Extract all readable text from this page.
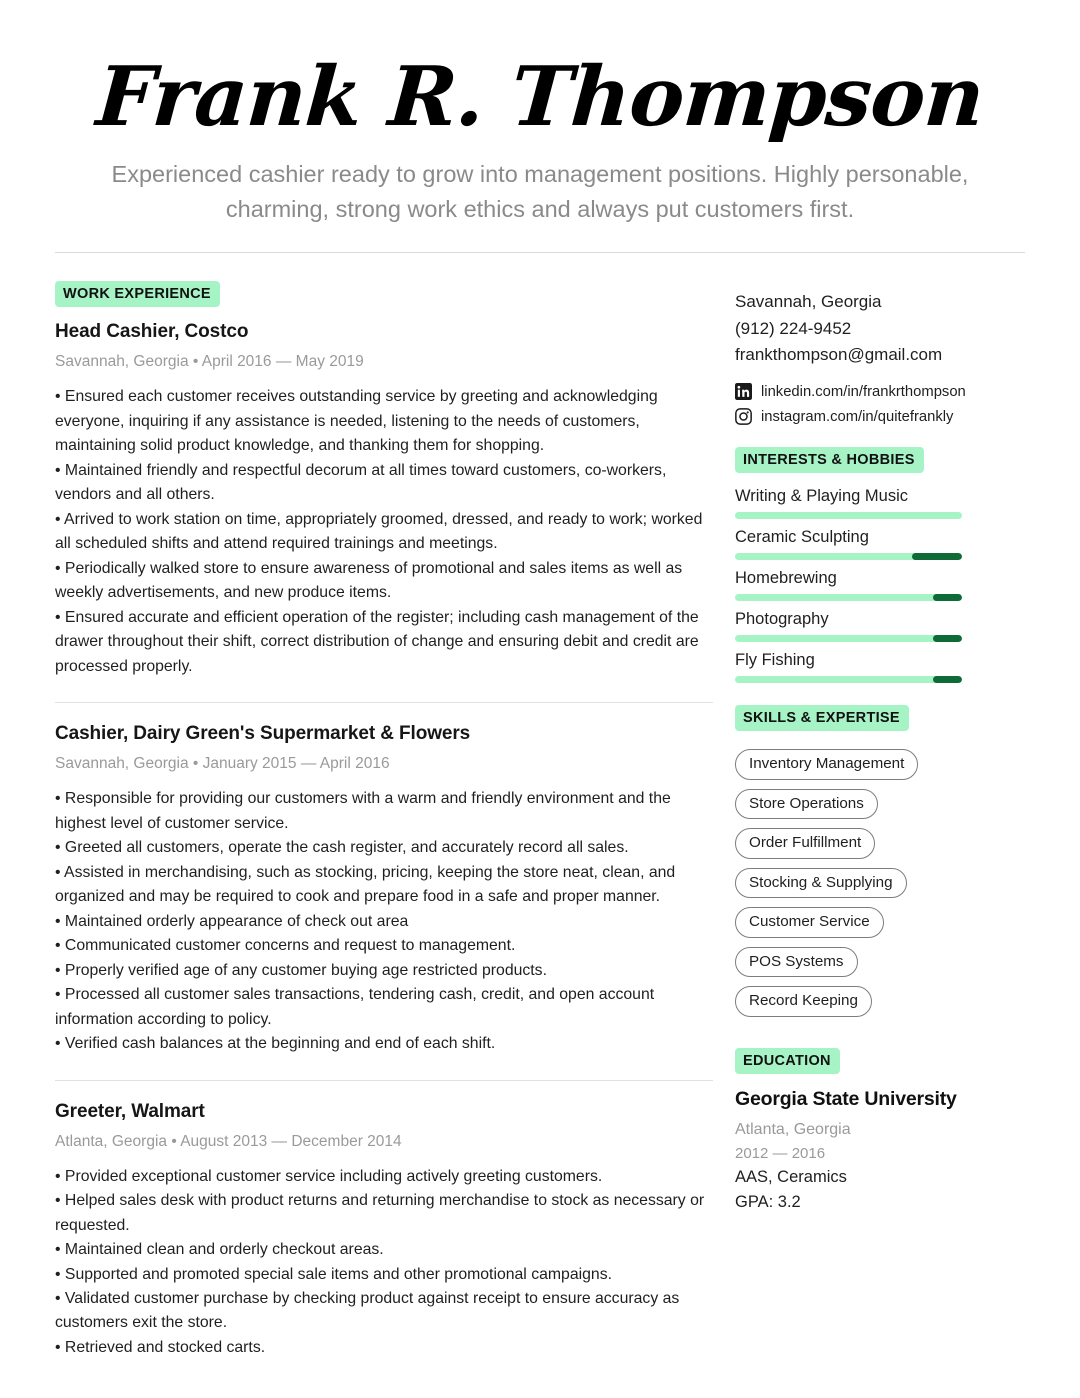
Frank R. Thompson
Experienced cashier ready to grow into management positions. Highly personable, charming, strong work ethics and always put customers first.
WORK EXPERIENCE
Head Cashier, Costco
Savannah, Georgia • April 2016 — May 2019

• Ensured each customer receives outstanding service by greeting and acknowledging everyone, inquiring if any assistance is needed, listening to the needs of customers, maintaining solid product knowledge, and thanking them for shopping.

• Maintained friendly and respectful decorum at all times toward customers, co-workers, vendors and all others.

• Arrived to work station on time, appropriately groomed, dressed, and ready to work; worked all scheduled shifts and attend required trainings and meetings.

• Periodically walked store to ensure awareness of promotional and sales items as well as weekly advertisements, and new produce items.

• Ensured accurate and efficient operation of the register; including cash management of the drawer throughout their shift, correct distribution of change and ensuring debit and credit are processed properly.

Cashier, Dairy Green's Supermarket & Flowers
Savannah, Georgia • January 2015 — April 2016

• Responsible for providing our customers with a warm and friendly environment and the highest level of customer service.

• Greeted all customers, operate the cash register, and accurately record all sales.

• Assisted in merchandising, such as stocking, pricing, keeping the store neat, clean, and organized and may be required to cook and prepare food in a safe and proper manner.

• Maintained orderly appearance of check out area

• Communicated customer concerns and request to management.

• Properly verified age of any customer buying age restricted products.

• Processed all customer sales transactions, tendering cash, credit, and open account information according to policy.

• Verified cash balances at the beginning and end of each shift.

Greeter, Walmart
Atlanta, Georgia • August 2013 — December 2014

• Provided exceptional customer service including actively greeting customers.

• Helped sales desk with product returns and returning merchandise to stock as necessary or requested.

• Maintained clean and orderly checkout areas.

• Supported and promoted special sale items and other promotional campaigns.

• Validated customer purchase by checking product against receipt to ensure accuracy as customers exit the store.

• Retrieved and stocked carts.

Savannah, Georgia
(912) 224-9452
frankthompson@gmail.com
linkedin.com/in/frankrthompson
instagram.com/in/quitefrankly
INTERESTS & HOBBIES
Writing & Playing Music
Ceramic Sculpting
Homebrewing
Photography
Fly Fishing
SKILLS & EXPERTISE
Inventory Management
Store Operations
Order Fulfillment
Stocking & Supplying
Customer Service
POS Systems
Record Keeping
EDUCATION
Georgia State University
Atlanta, Georgia
2012 — 2016
AAS, Ceramics
GPA: 3.2
